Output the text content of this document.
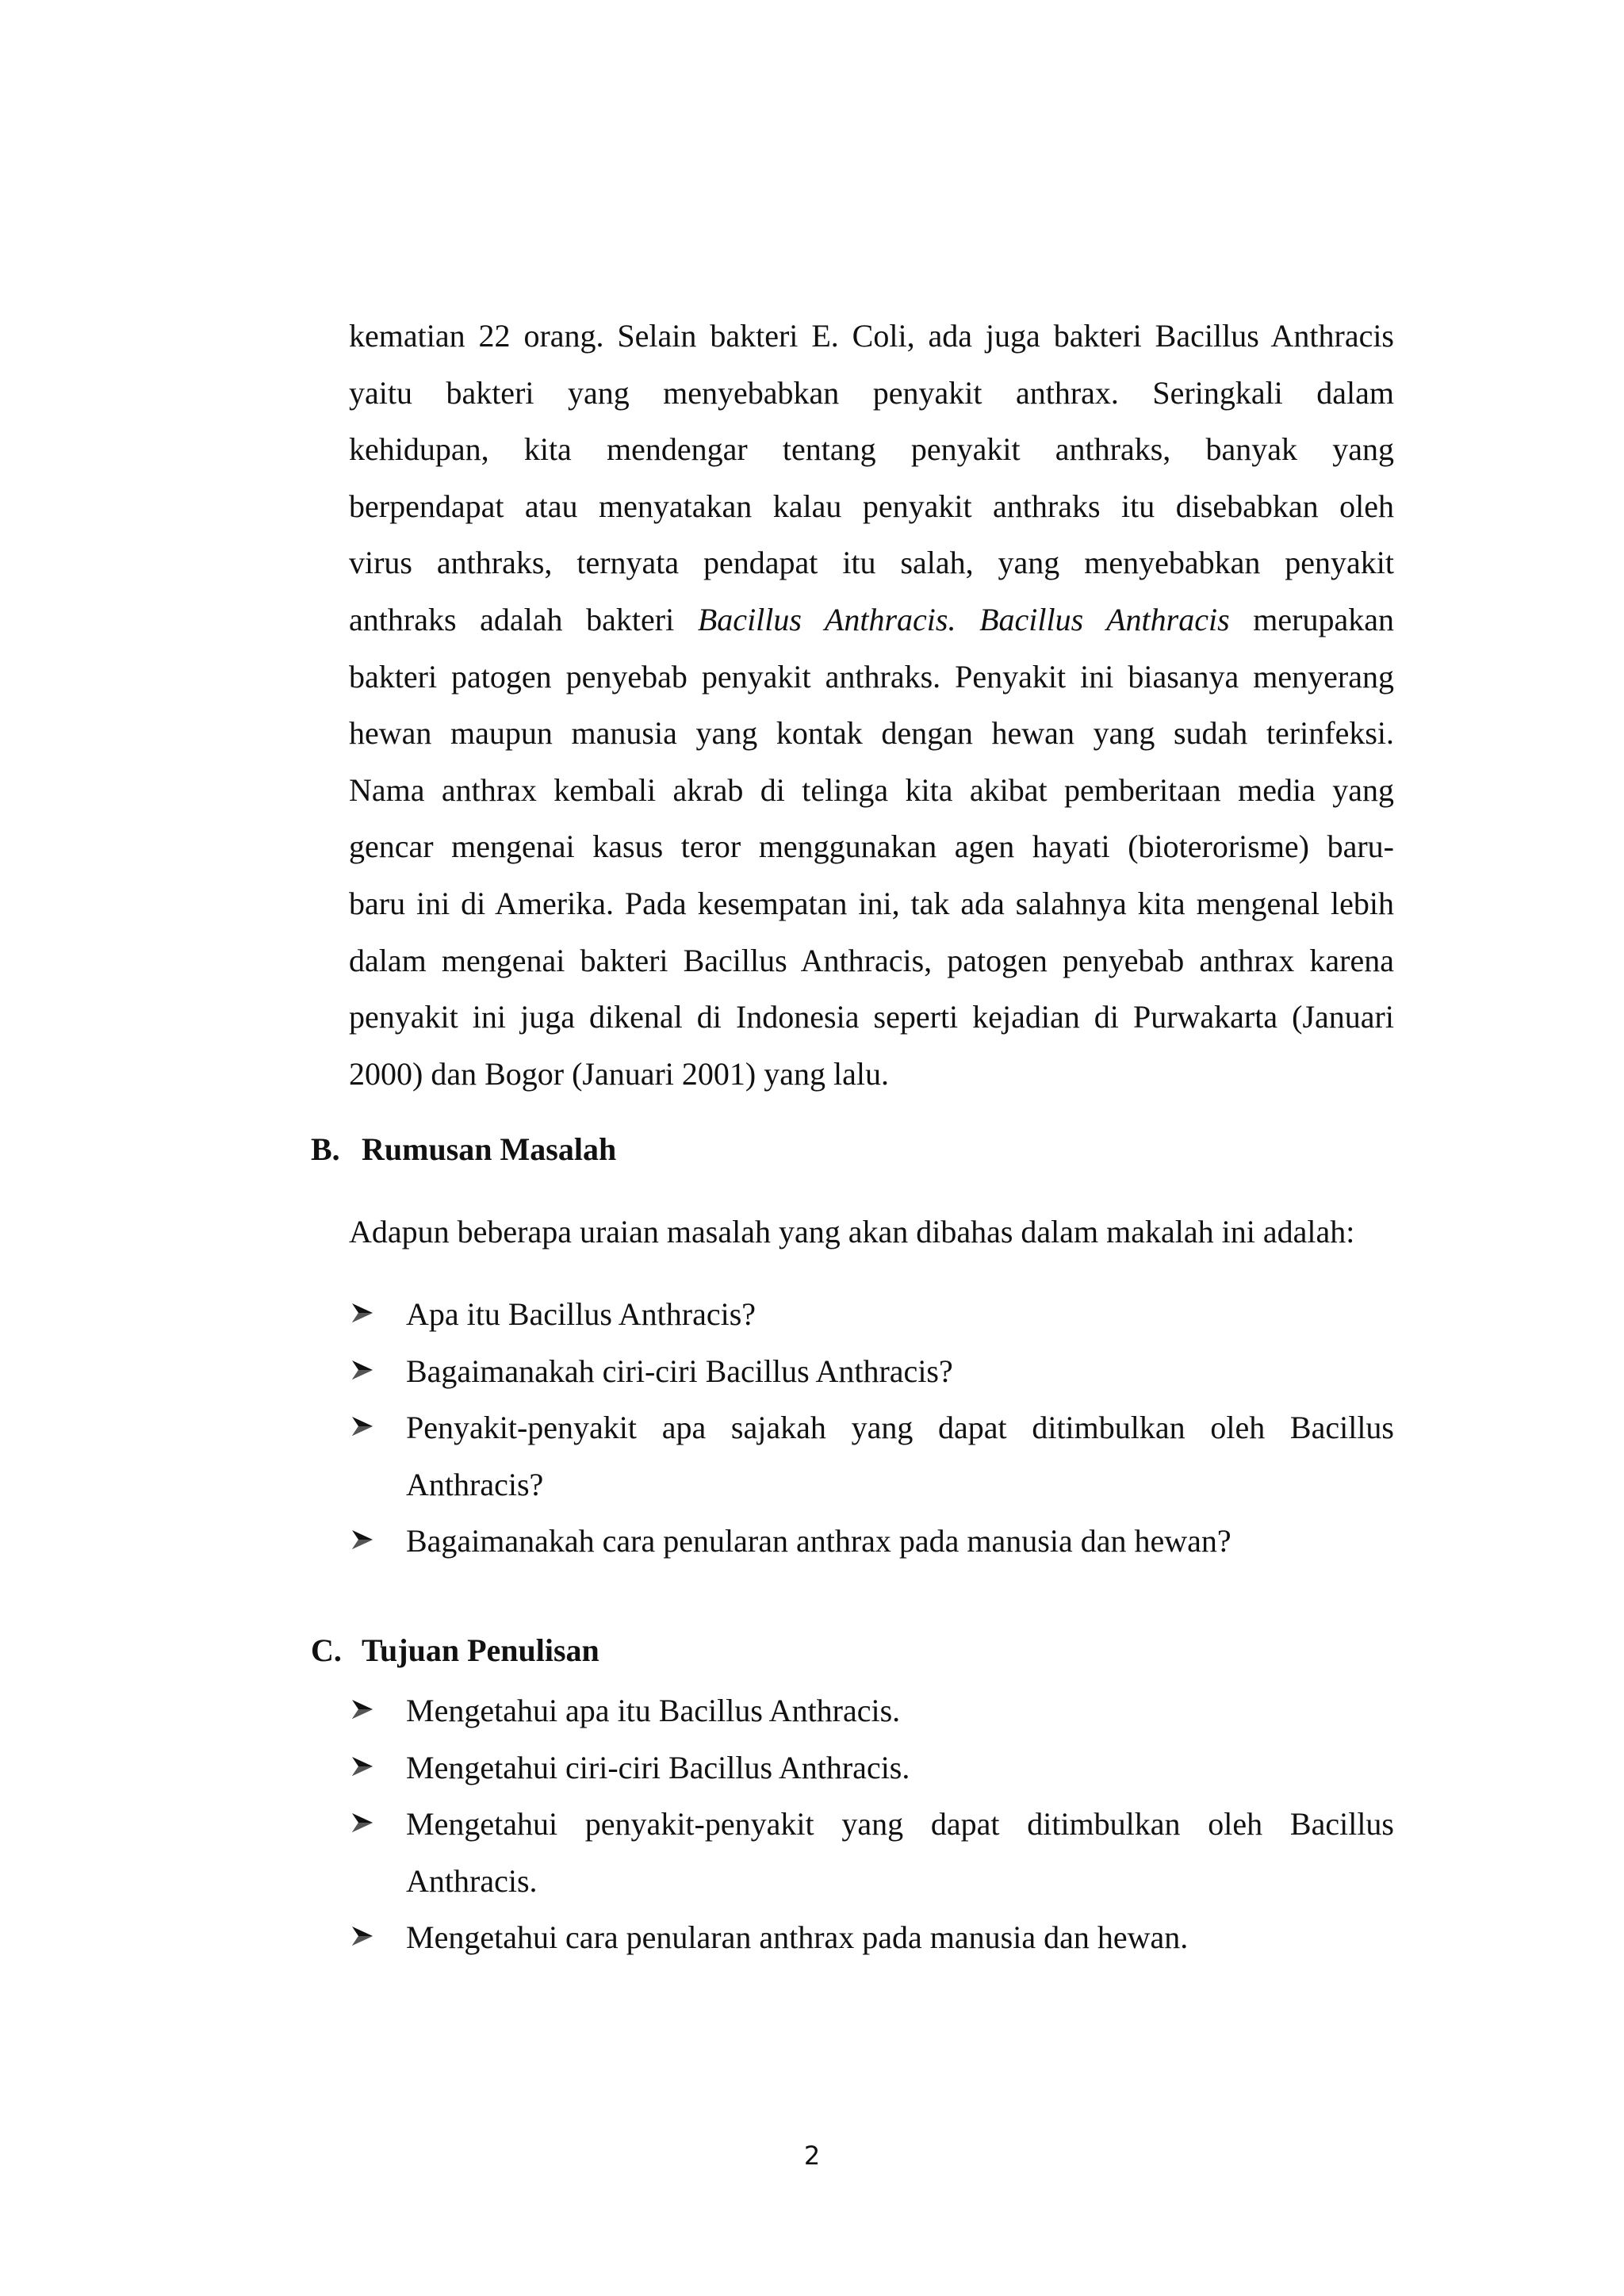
kematian 22 orang. Selain bakteri E. Coli, ada juga bakteri Bacillus Anthracis
yaitu bakteri yang menyebabkan penyakit anthrax. Seringkali dalam
kehidupan, kita mendengar tentang penyakit anthraks, banyak yang
berpendapat atau menyatakan kalau penyakit anthraks itu disebabkan oleh
virus anthraks, ternyata pendapat itu salah, yang menyebabkan penyakit
anthraks adalah bakteri Bacillus Anthracis. Bacillus Anthracis merupakan
bakteri patogen penyebab penyakit anthraks. Penyakit ini biasanya menyerang
hewan maupun manusia yang kontak dengan hewan yang sudah terinfeksi.
Nama anthrax kembali akrab di telinga kita akibat pemberitaan media yang
gencar mengenai kasus teror menggunakan agen hayati (bioterorisme) baru-
baru ini di Amerika. Pada kesempatan ini, tak ada salahnya kita mengenal lebih
dalam mengenai bakteri Bacillus Anthracis, patogen penyebab anthrax karena
penyakit ini juga dikenal di Indonesia seperti kejadian di Purwakarta (Januari
2000) dan Bogor (Januari 2001) yang lalu.
B. Rumusan Masalah
Adapun beberapa uraian masalah yang akan dibahas dalam makalah ini adalah:
Apa itu Bacillus Anthracis?
Bagaimanakah ciri-ciri Bacillus Anthracis?
Penyakit-penyakit apa sajakah yang dapat ditimbulkan oleh Bacillus
Anthracis?
Bagaimanakah cara penularan anthrax pada manusia dan hewan?
C. Tujuan Penulisan
Mengetahui apa itu Bacillus Anthracis.
Mengetahui ciri-ciri Bacillus Anthracis.
Mengetahui penyakit-penyakit yang dapat ditimbulkan oleh Bacillus
Anthracis.
Mengetahui cara penularan anthrax pada manusia dan hewan.
2
